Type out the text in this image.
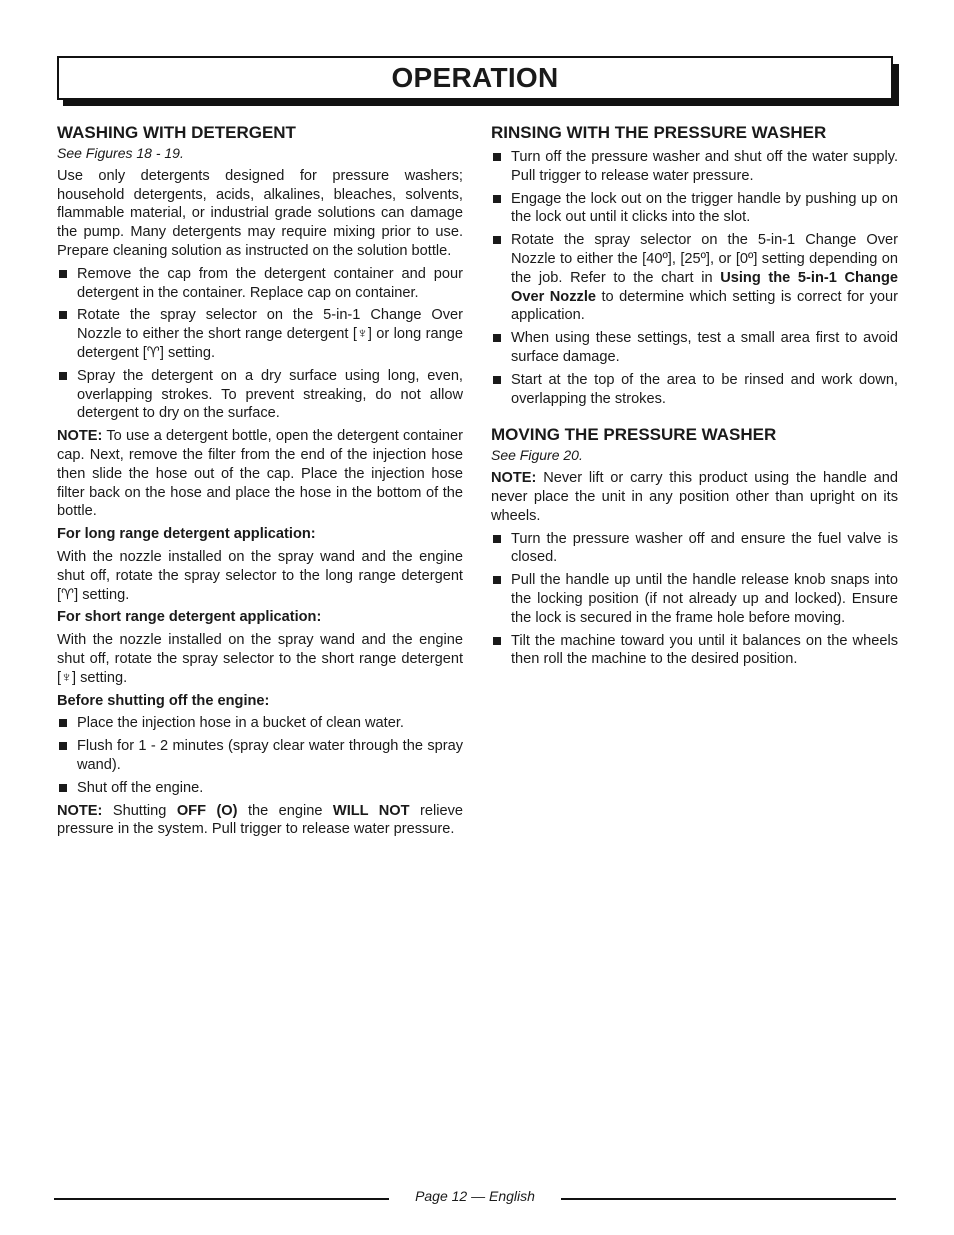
OPERATION
WASHING WITH DETERGENT
See Figures 18 - 19.

Use only detergents designed for pressure washers; household detergents, acids, alkalines, bleaches, solvents, flammable material, or industrial grade solutions can damage the pump. Many detergents may require mixing prior to use. Prepare cleaning solution as instructed on the solution bottle.

Remove the cap from the detergent container and pour detergent in the container. Replace cap on container.
Rotate the spray selector on the 5-in-1 Change Over Nozzle to either the short range detergent [♆] or long range detergent [♈] setting.
Spray the detergent on a dry surface using long, even, overlapping strokes. To prevent streaking, do not allow detergent to dry on the surface.

NOTE: To use a detergent bottle, open the detergent container cap. Next, remove the filter from the end of the injection hose then slide the hose out of the cap. Place the injection hose filter back on the hose and place the hose in the bottom of the bottle.

For long range detergent application:

With the nozzle installed on the spray wand and the engine shut off, rotate the spray selector to the long range detergent [♈] setting.

For short range detergent application:

With the nozzle installed on the spray wand and the engine shut off, rotate the spray selector to the short range detergent [♆] setting.

Before shutting off the engine:
Place the injection hose in a bucket of clean water.
Flush for 1 - 2 minutes (spray clear water through the spray wand).
Shut off the engine.

NOTE: Shutting OFF (O) the engine WILL NOT relieve pressure in the system. Pull trigger to release water pressure.

RINSING WITH THE PRESSURE WASHER
Turn off the pressure washer and shut off the water supply. Pull trigger to release water pressure.
Engage the lock out on the trigger handle by pushing up on the lock out until it clicks into the slot.
Rotate the spray selector on the 5-in-1 Change Over Nozzle to either the [40º], [25º], or [0º] setting depending on the job. Refer to the chart in Using the 5-in-1 Change Over Nozzle to determine which setting is correct for your application.
When using these settings, test a small area first to avoid surface damage.
Start at the top of the area to be rinsed and work down, overlapping the strokes.
MOVING THE PRESSURE WASHER
See Figure 20.

NOTE: Never lift or carry this product using the handle and never place the unit in any position other than upright on its wheels.

Turn the pressure washer off and ensure the fuel valve is closed.
Pull the handle up until the handle release knob snaps into the locking position (if not already up and locked). Ensure the lock is secured in the frame hole before moving.
Tilt the machine toward you until it balances on the wheels then roll the machine to the desired position.
Page 12 — English
